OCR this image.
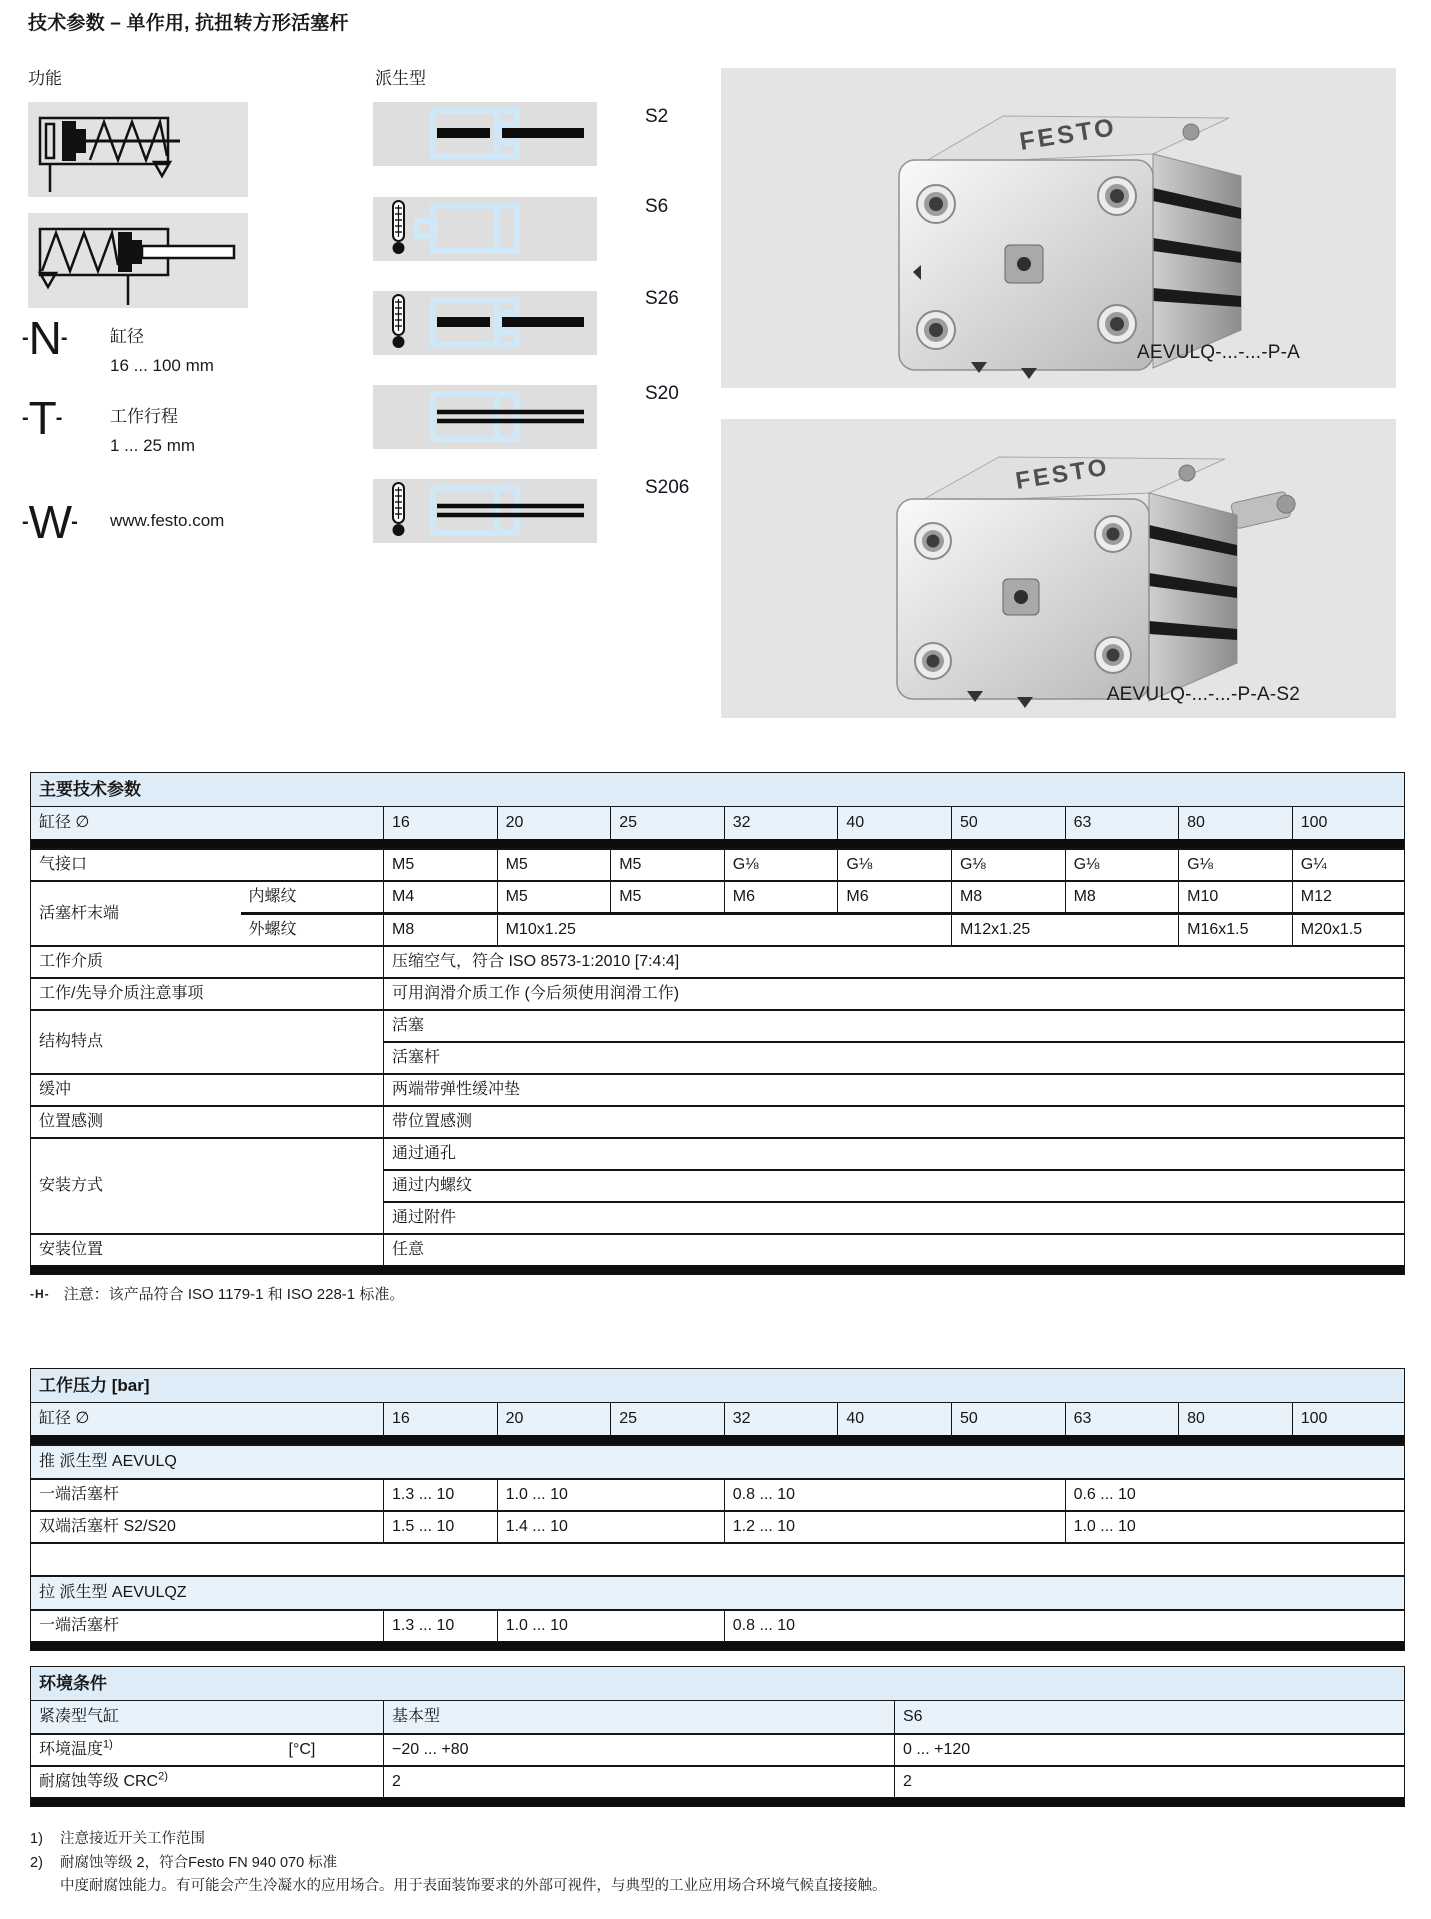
技术参数 – 单作用, 抗扭转方形活塞杆
功能
- N - 缸径
16 ... 100 mm
- T -	工作行程
1 ... 25 mm
- W - www.festo.com
派生型
S2
S6
S26
S20
S206
FESTO
AEVULQ-...-...-P-A
FESTO
AEVULQ-...-...-P-A-S2
主要技术参数										
缸径 ∅		16	20	25	32	40	50	63	80	100

气接口		M5	M5	M5	G⅛	G⅛	G⅛	G⅛	G⅛	G¼
活塞杆末端	内螺纹	M4	M5	M5	M6	M6	M8	M8	M10	M12
	外螺纹	M8	M10x1.25				M12x1.25		M16x1.5	M20x1.5
工作介质		压缩空气，符合 ISO 8573-1:2010 [7:4:4]								
工作/先导介质注意事项		可用润滑介质工作 (今后须使用润滑工作)								
结构特点		活塞								
		活塞杆								
缓冲		两端带弹性缓冲垫								
位置感测		带位置感测								
安装方式		通过通孔								
		通过内螺纹								
		通过附件								
安装位置		任意								

-H- 注意：该产品符合 ISO 1179-1 和 ISO 228-1 标准。
工作压力 [bar]									
缸径 ∅	16	20	25	32	40	50	63	80	100

推 派生型 AEVULQ									
一端活塞杆	1.3 ... 10	1.0 ... 10		0.8 ... 10			0.6 ... 10		
双端活塞杆 S2/S20	1.5 ... 10	1.4 ... 10		1.2 ... 10			1.0 ... 10		

拉 派生型 AEVULQZ									
一端活塞杆	1.3 ... 10	1.0 ... 10		0.8 ... 10					

环境条件			
紧凑型气缸		基本型	S6
环境温度$^{1)}$	[°C]	−20 ... +80	0 ... +120
耐腐蚀等级 CRC$^{2)}$		2	2

1)	注意接近开关工作范围
2)	耐腐蚀等级 2，符合Festo FN 940 070 标准
中度耐腐蚀能力。有可能会产生冷凝水的应用场合。用于表面装饰要求的外部可视件，与典型的工业应用场合环境气候直接接触。
